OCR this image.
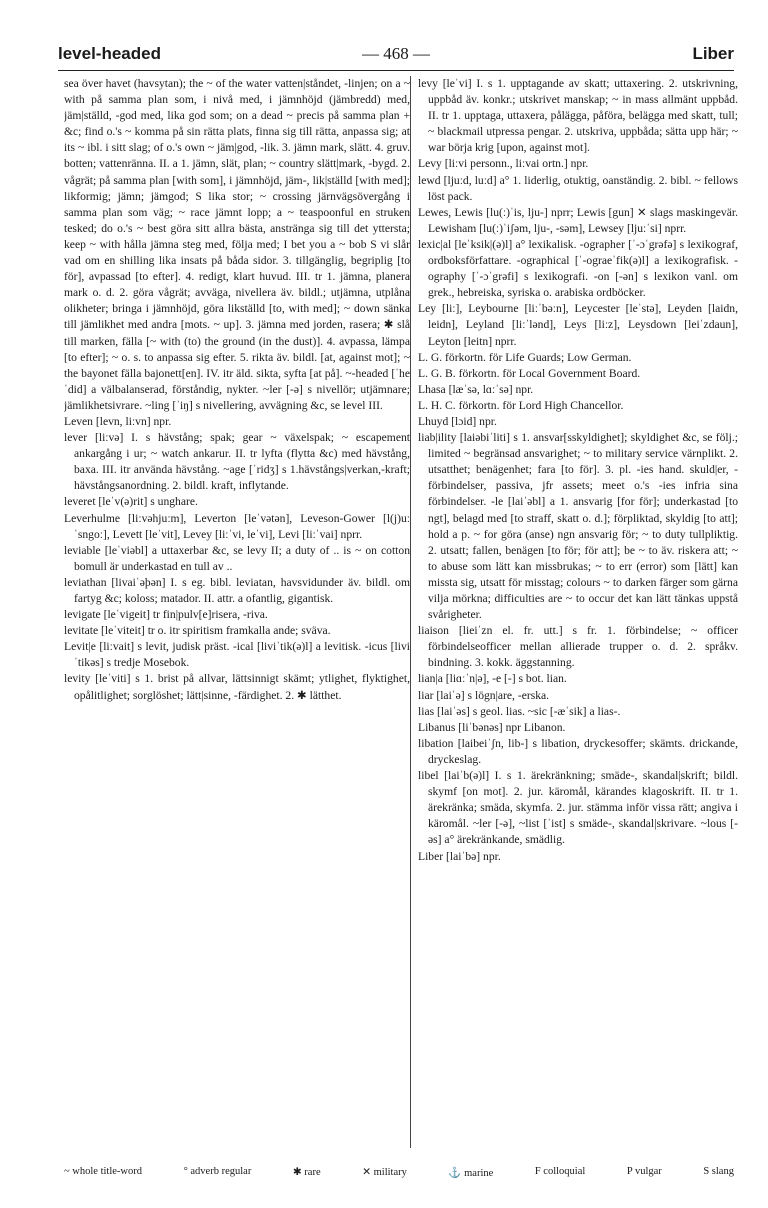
level-headed	— 468 —	Liber

sea över havet (havsytan); the ~ of the water vatten|ståndet, -linjen; on a ~ with på samma plan som, i nivå med, i jämnhöjd (jämbredd) med, jäm|ställd, -god med, lika god som; on a dead ~ precis på samma plan + &c; find o.'s ~ komma på sin rätta plats, finna sig till rätta, anpassa sig; at its ~ ibl. i sitt slag; of o.'s own ~ jäm|god, -lik. 3. jämn mark, slätt. 4. gruv. botten; vattenränna. II. a 1. jämn, slät, plan; ~ country slätt|mark, -bygd. 2. vågrät; på samma plan [with som], i jämnhöjd, jäm-, lik|ställd [with med]; likformig; jämn; jämgod; S lika stor; ~ crossing järnvägsövergång i samma plan som väg; ~ race jämnt lopp; a ~ teaspoonful en struken tesked; do o.'s ~ best göra sitt allra bästa, anstränga sig till det yttersta; keep ~ with hålla jämna steg med, följa med; I bet you a ~ bob S vi slår vad om en shilling lika insats på båda sidor. 3. tillgänglig, begriplig [to för], avpassad [to efter]. 4. redigt, klart huvud. III. tr 1. jämna, planera mark o. d. 2. göra vågrät; avväga, nivellera äv. bildl.; utjämna, utplåna olikheter; bringa i jämnhöjd, göra likställd [to, with med]; ~ down sänka till jämlikhet med andra [mots. ~ up]. 3. jämna med jorden, rasera; ✱ slå till marken, fälla [~ with (to) the ground (in the dust)]. 4. avpassa, lämpa [to efter]; ~ o. s. to anpassa sig efter. 5. rikta äv. bildl. [at, against mot]; ~ the bayonet fälla bajonett[en]. IV. itr äld. sikta, syfta [at på]. ~-headed [ˈheˈdid] a välbalanserad, förståndig, nykter. ~ler [-ə] s nivellör; utjämnare; jämlikhetsivrare. ~ling [ˈiŋ] s nivellering, avvägning &c, se level III.

Leven [levn, liːvn] npr.

lever [liːvə] I. s hävstång; spak; gear ~ växelspak; ~ escapement ankargång i ur; ~ watch ankarur. II. tr lyfta (flytta &c) med hävstång, baxa. III. itr använda hävstång. ~age [ˈridʒ] s 1.hävstångs|verkan,-kraft; hävstångsanordning. 2. bildl. kraft, inflytande.

leveret [leˈv(ə)rit] s unghare.

Leverhulme [liːvəhjuːm], Leverton [leˈvətən], Leveson-Gower [l(j)uːˈsngoː], Levett [leˈvit], Levey [liːˈvi, leˈvi], Levi [liːˈvai] nprr.

leviable [leˈviəbl] a uttaxerbar &c, se levy II; a duty of .. is ~ on cotton bomull är underkastad en tull av ..

leviathan [livaiˈəþən] I. s eg. bibl. leviatan, havsvidunder äv. bildl. om fartyg &c; koloss; matador. II. attr. a ofantlig, gigantisk.

levigate [leˈvigeit] tr fin|pulv[e]risera, -riva.

levitate [leˈviteit] tr o. itr spiritism framkalla ande; sväva.

Levit|e [liːvait] s levit, judisk präst. -ical [liviˈtik(ə)l] a levitisk. -icus [liviˈtikəs] s tredje Mosebok.

levity [leˈviti] s 1. brist på allvar, lättsinnigt skämt; ytlighet, flyktighet, opålitlighet; sorglöshet; lätt|sinne, -färdighet. 2. ✱ lätthet.

levy [leˈvi] I. s 1. upptagande av skatt; uttaxering. 2. utskrivning, uppbåd äv. konkr.; utskrivet manskap; ~ in mass allmänt uppbåd. II. tr 1. upptaga, uttaxera, pålägga, påföra, belägga med skatt, tull; ~ blackmail utpressa pengar. 2. utskriva, uppbåda; sätta upp här; ~ war börja krig [upon, against mot].

Levy [liːvi personn., liːvai ortn.] npr.

lewd [ljuːd, luːd] a° 1. liderlig, otuktig, oanständig. 2. bibl. ~ fellows löst pack.

Lewes, Lewis [lu(ː)ˈis, lju-] nprr; Lewis [gun] ✕ slags maskingevär. Lewisham [lu(ː)ˈiʃəm, lju-, -səm], Lewsey [ljuːˈsi] nprr.

lexic|al [leˈksik|(ə)l] a° lexikalisk. -ographer [ˈ-ɔˈgrəfə] s lexikograf, ordboksförfattare. -ographical [ˈ-ograeˈfik(ə)l] a lexikografisk. -ography [ˈ-ɔˈgrəfi] s lexikografi. -on [-ən] s lexikon vanl. om grek., hebreiska, syriska o. arabiska ordböcker.

Ley [liː], Leybourne [liːˈbəːn], Leycester [leˈstə], Leyden [laidn, leidn], Leyland [liːˈlənd], Leys [liːz], Leysdown [leiˈzdaun], Leyton [leitn] nprr.

L. G. förkortn. för Life Guards; Low German.

L. G. B. förkortn. för Local Government Board.

Lhasa [læˈsə, lɑːˈsə] npr.

L. H. C. förkortn. för Lord High Chancellor.

Lhuyd [lɔid] npr.

liab|ility [laiəbiˈliti] s 1. ansvar[sskyldighet]; skyldighet &c, se följ.; limited ~ begränsad ansvarighet; ~ to military service värnplikt. 2. utsatthet; benägenhet; fara [to för]. 3. pl. -ies hand. skuld|er, -förbindelser, passiva, jfr assets; meet o.'s -ies infria sina förbindelser. -le [laiˈəbl] a 1. ansvarig [for för]; underkastad [to ngt], belagd med [to straff, skatt o. d.]; förpliktad, skyldig [to att]; hold a p. ~ for göra (anse) ngn ansvarig för; ~ to duty tullpliktig. 2. utsatt; fallen, benägen [to för; för att]; be ~ to äv. riskera att; ~ to abuse som lätt kan missbrukas; ~ to err (error) som [lätt] kan missta sig, utsatt för misstag; colours ~ to darken färger som gärna vilja mörkna; difficulties are ~ to occur det kan lätt tänkas uppstå svårigheter.

liaison [lieiˈzn el. fr. utt.] s fr. 1. förbindelse; ~ officer förbindelseofficer mellan allierade trupper o. d. 2. språkv. bindning. 3. kokk. äggstanning.

lian|a [liɑːˈn|ə], -e [-] s bot. lian.

liar [laiˈə] s lögn|are, -erska.

lias [laiˈəs] s geol. lias. ~sic [-æˈsik] a lias-.

Libanus [liˈbənəs] npr Libanon.

libation [laibeiˈʃn, lib-] s libation, dryckesoffer; skämts. drickande, dryckeslag.

libel [laiˈb(ə)l] I. s 1. ärekränkning; smäde-, skandal|skrift; bildl. skymf [on mot]. 2. jur. käromål, kärandes klagoskrift. II. tr 1. ärekränka; smäda, skymfa. 2. jur. stämma inför vissa rätt; angiva i käromål. ~ler [-ə], ~list [ˈist] s smäde-, skandal|skrivare. ~lous [-əs] a° ärekränkande, smädlig.

Liber [laiˈbə] npr.

~ whole title-word	° adverb regular	✱ rare	✕ military	⚓ marine	F colloquial	P vulgar	S slang
